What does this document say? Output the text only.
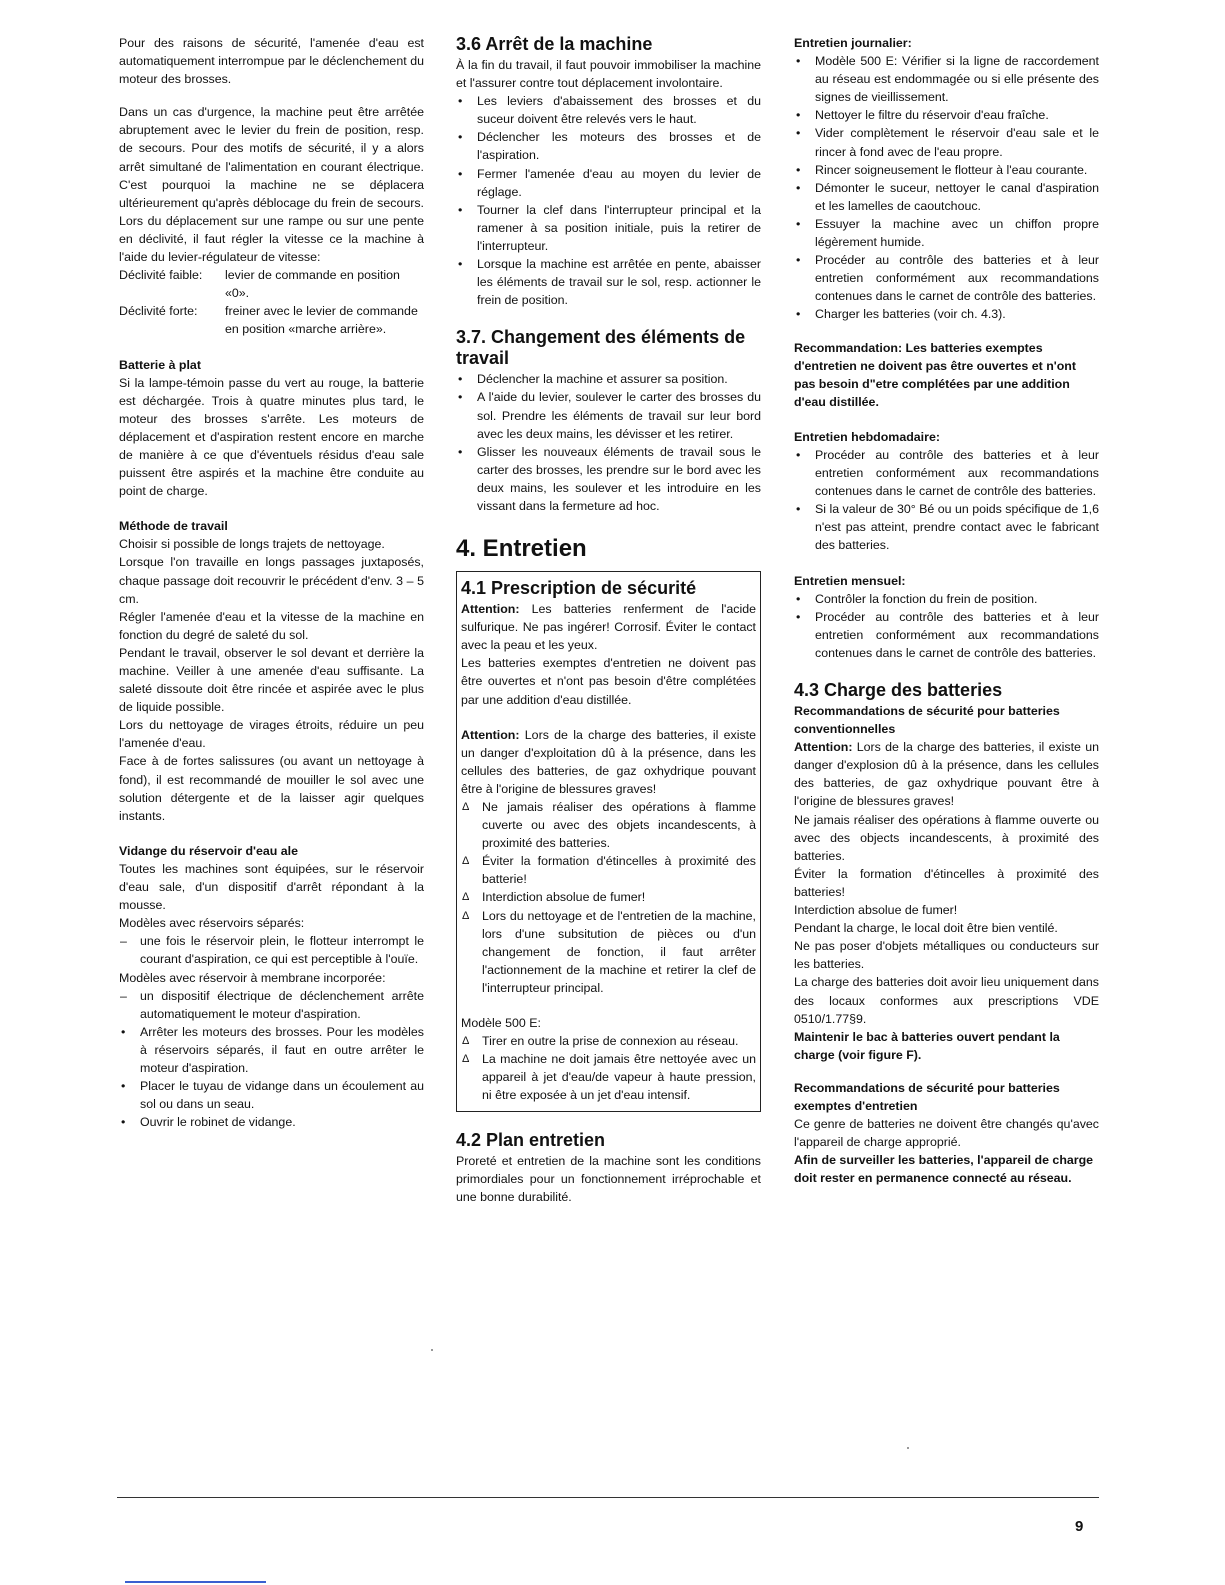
Pour des raisons de sécurité, l'amenée d'eau est automatiquement interrompue par le déclenchement du moteur des brosses.

Dans un cas d'urgence, la machine peut être arrêtée abruptement avec le levier du frein de position, resp. de secours. Pour des motifs de sécurité, il y a alors arrêt simultané de l'alimentation en courant électrique. C'est pourquoi la machine ne se déplacera ultérieurement qu'après déblocage du frein de secours. Lors du déplacement sur une rampe ou sur une pente en déclivité, il faut régler la vitesse ce la machine à l'aide du levier-régulateur de vitesse:

Déclivité faible:	levier de commande en position «0».
Déclivité forte:	freiner avec le levier de commande en position «marche arrière».

Batterie à plat

Si la lampe-témoin passe du vert au rouge, la batterie est déchargée. Trois à quatre minutes plus tard, le moteur des brosses s'arrête. Les moteurs de déplacement et d'aspiration restent encore en marche de manière à ce que d'éventuels résidus d'eau sale puissent être aspirés et la machine être conduite au point de charge.

Méthode de travail

Choisir si possible de longs trajets de nettoyage.

Lorsque l'on travaille en longs passages juxtaposés, chaque passage doit recouvrir le précédent d'env. 3 – 5 cm.

Régler l'amenée d'eau et la vitesse de la machine en fonction du degré de saleté du sol.

Pendant le travail, observer le sol devant et derrière la machine. Veiller à une amenée d'eau suffisante. La saleté dissoute doit être rincée et aspirée avec le plus de liquide possible.

Lors du nettoyage de virages étroits, réduire un peu l'amenée d'eau.

Face à de fortes salissures (ou avant un nettoyage à fond), il est recommandé de mouiller le sol avec une solution détergente et de la laisser agir quelques instants.

Vidange du réservoir d'eau ale

Toutes les machines sont équipées, sur le réservoir d'eau sale, d'un dispositif d'arrêt répondant à la mousse.

Modèles avec réservoirs séparés:

– une fois le réservoir plein, le flotteur interrompt le courant d'aspiration, ce qui est perceptible à l'ouïe.

Modèles avec réservoir à membrane incorporée:

– un dispositif électrique de déclenchement arrête automatiquement le moteur d'aspiration.
• Arrêter les moteurs des brosses. Pour les modèles à réservoirs séparés, il faut en outre arrêter le moteur d'aspiration.
• Placer le tuyau de vidange dans un écoulement au sol ou dans un seau.
• Ouvrir le robinet de vidange.
3.6 Arrêt de la machine

À la fin du travail, il faut pouvoir immobiliser la machine et l'assurer contre tout déplacement involontaire.

• Les leviers d'abaissement des brosses et du suceur doivent être relevés vers le haut.
• Déclencher les moteurs des brosses et de l'aspiration.
• Fermer l'amenée d'eau au moyen du levier de réglage.
• Tourner la clef dans l'interrupteur principal et la ramener à sa position initiale, puis la retirer de l'interrupteur.
• Lorsque la machine est arrêtée en pente, abaisser les éléments de travail sur le sol, resp. actionner le frein de position.
3.7. Changement des éléments de travail
• Déclencher la machine et assurer sa position.
• A l'aide du levier, soulever le carter des brosses du sol. Prendre les éléments de travail sur leur bord avec les deux mains, les dévisser et les retirer.
• Glisser les nouveaux éléments de travail sous le carter des brosses, les prendre sur le bord avec les deux mains, les soulever et les introduire en les vissant dans la fermeture ad hoc.
4. Entretien
4.1 Prescription de sécurité

Attention: Les batteries renferment de l'acide sulfurique. Ne pas ingérer! Corrosif. Éviter le contact avec la peau et les yeux.

Les batteries exemptes d'entretien ne doivent pas être ouvertes et n'ont pas besoin d'être complétées par une addition d'eau distillée.

Attention: Lors de la charge des batteries, il existe un danger d'exploitation dû à la présence, dans les cellules des batteries, de gaz oxhydrique pouvant être à l'origine de blessures graves!

Δ Ne jamais réaliser des opérations à flamme cuverte ou avec des objets incandescents, à proximité des batteries.
Δ Éviter la formation d'étincelles à proximité des batterie!
Δ Interdiction absolue de fumer!
Δ Lors du nettoyage et de l'entretien de la machine, lors d'une subsitution de pièces ou d'un changement de fonction, il faut arrêter l'actionnement de la machine et retirer la clef de l'interrupteur principal.

Modèle 500 E:

Δ Tirer en outre la prise de connexion au réseau.
Δ La machine ne doit jamais être nettoyée avec un appareil à jet d'eau/de vapeur à haute pression, ni être exposée à un jet d'eau intensif.
4.2 Plan entretien

Proreté et entretien de la machine sont les conditions primordiales pour un fonctionnement irréprochable et une bonne durabilité.

Entretien journalier:

• Modèle 500 E: Vérifier si la ligne de raccordement au réseau est endommagée ou si elle présente des signes de vieillissement.
• Nettoyer le filtre du réservoir d'eau fraîche.
• Vider complètement le réservoir d'eau sale et le rincer à fond avec de l'eau propre.
• Rincer soigneusement le flotteur à l'eau courante.
• Démonter le suceur, nettoyer le canal d'aspiration et les lamelles de caoutchouc.
• Essuyer la machine avec un chiffon propre légèrement humide.
• Procéder au contrôle des batteries et à leur entretien conformément aux recommandations contenues dans le carnet de contrôle des batteries.
• Charger les batteries (voir ch. 4.3).

Recommandation: Les batteries exemptes d'entretien ne doivent pas être ouvertes et n'ont pas besoin d"etre complétées par une addition d'eau distillée.

Entretien hebdomadaire:

• Procéder au contrôle des batteries et à leur entretien conformément aux recommandations contenues dans le carnet de contrôle des batteries.
• Si la valeur de 30° Bé ou un poids spécifique de 1,6 n'est pas atteint, prendre contact avec le fabricant des batteries.

Entretien mensuel:

• Contrôler la fonction du frein de position.
• Procéder au contrôle des batteries et à leur entretien conformément aux recommandations contenues dans le carnet de contrôle des batteries.
4.3 Charge des batteries

Recommandations de sécurité pour batteries conventionnelles

Attention: Lors de la charge des batteries, il existe un danger d'explosion dû à la présence, dans les cellules des batteries, de gaz oxhydrique pouvant être à l'origine de blessures graves!

Ne jamais réaliser des opérations à flamme ouverte ou avec des objects incandescents, à proximité des batteries.

Éviter la formation d'étincelles à proximité des batteries!

Interdiction absolue de fumer!

Pendant la charge, le local doit être bien ventilé.

Ne pas poser d'objets métalliques ou conducteurs sur les batteries.

La charge des batteries doit avoir lieu uniquement dans des locaux conformes aux prescriptions VDE 0510/1.77§9.

Maintenir le bac à batteries ouvert pendant la charge (voir figure F).

Recommandations de sécurité pour batteries exemptes d'entretien

Ce genre de batteries ne doivent être changés qu'avec l'appareil de charge approprié.

Afin de surveiller les batteries, l'appareil de charge doit rester en permanence connecté au réseau.

9
